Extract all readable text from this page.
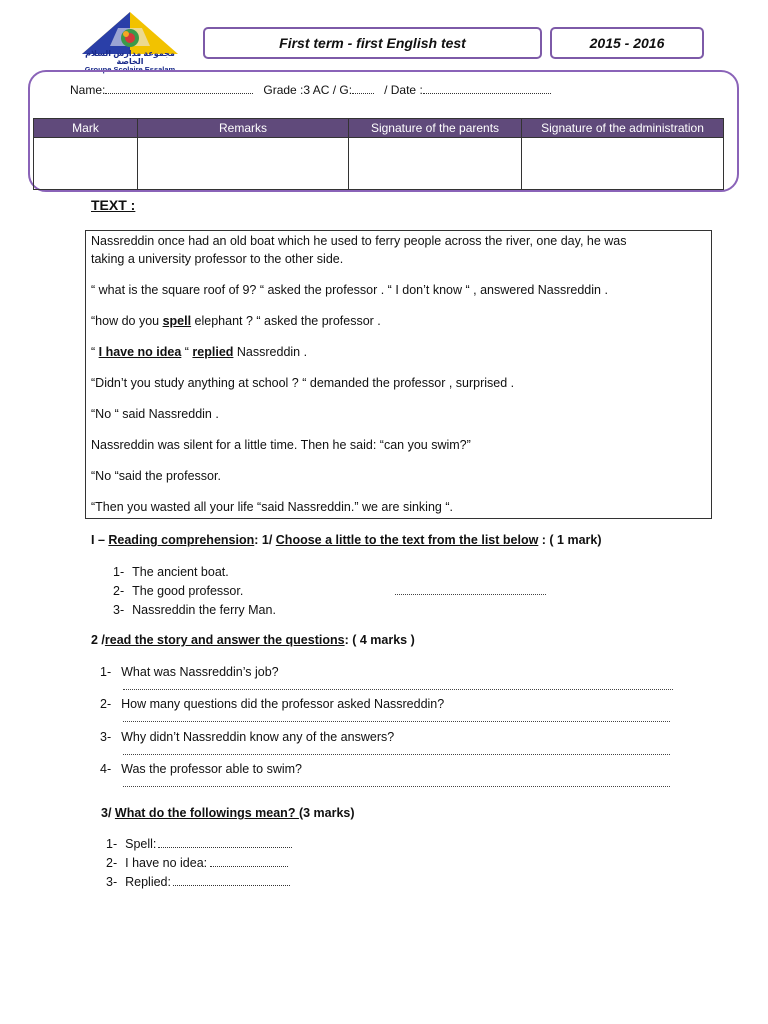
مجموعة مدارس السلام الخاصة
Groupe Scolaire Essalam
First term - first English test	2015 - 2016
Name:	Grade :3 AC / G:	/ Date :
Mark	Remarks	Signature of the parents	Signature of the administration

TEXT :
Nassreddin once had an old boat which he used to ferry people across the river, one day, he was
taking a university professor to the other side.
“ what is the square roof of 9? “ asked the professor . “ I don’t know “ , answered Nassreddin .
“how do you spell elephant ? “ asked the professor .
“ I have no idea “ replied Nassreddin .
“Didn’t you study anything at school ? “ demanded the professor , surprised .
“No “ said Nassreddin .
Nassreddin was silent for a little time. Then he said: “can you swim?”
“No “said the professor.
“Then you wasted all your life “said Nassreddin.” we are sinking “.
I – Reading comprehension: 1/ Choose a little to the text from the list below : ( 1 mark)
1- The ancient boat.
2- The good professor.
3- Nassreddin the ferry Man.
2 /read the story and answer the questions: ( 4 marks )
1- What was Nassreddin’s job?
2- How many questions did the professor asked Nassreddin?
3- Why didn’t Nassreddin know any of the answers?
4- Was the professor able to swim?
3/ What do the followings mean? (3 marks)
1- Spell:
2- I have no idea:
3- Replied:
